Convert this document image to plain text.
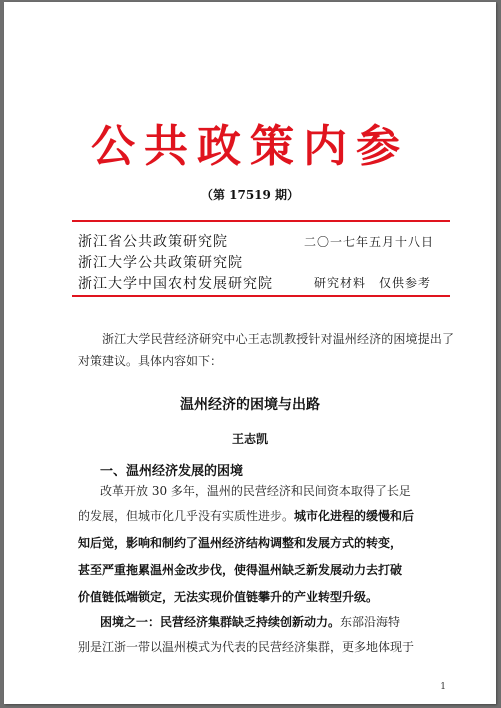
公共政策内参
（第 17519 期）
浙江省公共政策研究院	二〇一七年五月十八日
浙江大学公共政策研究院
浙江大学中国农村发展研究院	研究材料　仅供参考
浙江大学民营经济研究中心王志凯教授针对温州经济的困境提出了对策建议。具体内容如下：
温州经济的困境与出路
王志凯
一、温州经济发展的困境
改革开放 30 多年，温州的民营经济和民间资本取得了长足
的发展，但城市化几乎没有实质性进步。城市化进程的缓慢和后
知后觉，影响和制约了温州经济结构调整和发展方式的转变，
甚至严重拖累温州金改步伐，使得温州缺乏新发展动力去打破
价值链低端锁定，无法实现价值链攀升的产业转型升级。
困境之一：民营经济集群缺乏持续创新动力。东部沿海特
别是江浙一带以温州模式为代表的民营经济集群，更多地体现于
1
